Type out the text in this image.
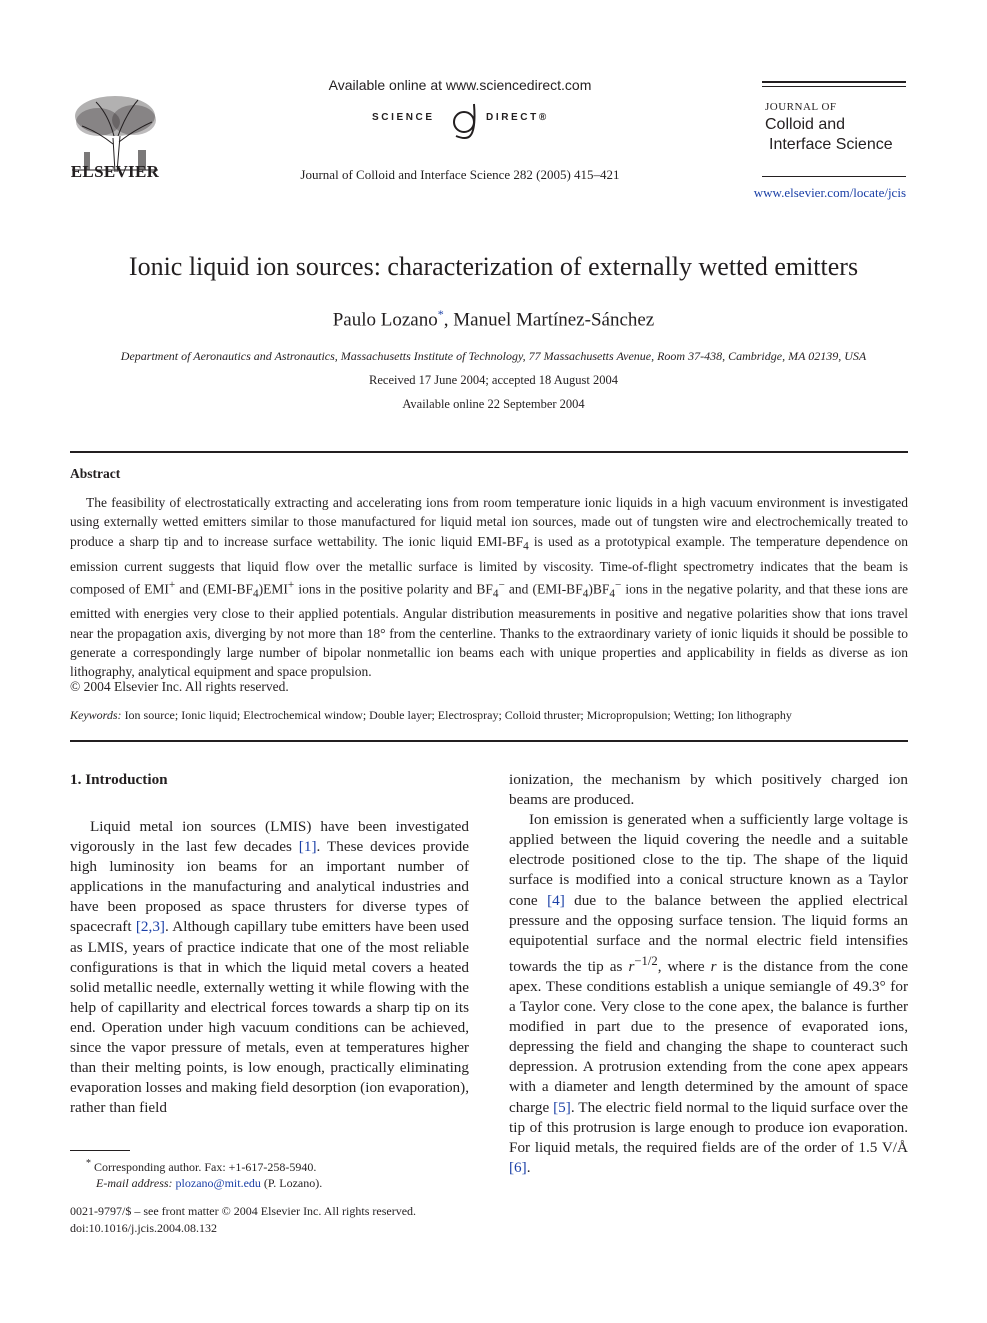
ELSEVIER
Available online at www.sciencedirect.com
SCIENCE	DIRECT®
Journal of Colloid and Interface Science 282 (2005) 415–421
JOURNAL OF
Colloid and
Interface Science
www.elsevier.com/locate/jcis
Ionic liquid ion sources: characterization of externally wetted emitters
Paulo Lozano*, Manuel Martínez-Sánchez
Department of Aeronautics and Astronautics, Massachusetts Institute of Technology, 77 Massachusetts Avenue, Room 37-438, Cambridge, MA 02139, USA
Received 17 June 2004; accepted 18 August 2004
Available online 22 September 2004
Abstract

The feasibility of electrostatically extracting and accelerating ions from room temperature ionic liquids in a high vacuum environment is investigated using externally wetted emitters similar to those manufactured for liquid metal ion sources, made out of tungsten wire and electrochemically treated to produce a sharp tip and to increase surface wettability. The ionic liquid EMI-$BF_4$ is used as a prototypical example. The temperature dependence on emission current suggests that liquid flow over the metallic surface is limited by viscosity. Time-of-flight spectrometry indicates that the beam is composed of EMI+ and $(EMI-BF_4)EMI^+$ ions in the positive polarity and $BF_4^-$ and $(EMI-BF_4)BF_4^-$ ions in the negative polarity, and that these ions are emitted with energies very close to their applied potentials. Angular distribution measurements in positive and negative polarities show that ions travel near the propagation axis, diverging by not more than 18° from the centerline. Thanks to the extraordinary variety of ionic liquids it should be possible to generate a correspondingly large number of bipolar nonmetallic ion beams each with unique properties and applicability in fields as diverse as ion lithography, analytical equipment and space propulsion.

© 2004 Elsevier Inc. All rights reserved.
Keywords: Ion source; Ionic liquid; Electrochemical window; Double layer; Electrospray; Colloid thruster; Micropropulsion; Wetting; Ion lithography
1. Introduction

Liquid metal ion sources (LMIS) have been investigated vigorously in the last few decades [1]. These devices provide high luminosity ion beams for an important number of applications in the manufacturing and analytical industries and have been proposed as space thrusters for diverse types of spacecraft [2,3]. Although capillary tube emitters have been used as LMIS, years of practice indicate that one of the most reliable configurations is that in which the liquid metal covers a heated solid metallic needle, externally wetting it while flowing with the help of capillarity and electrical forces towards a sharp tip on its end. Operation under high vacuum conditions can be achieved, since the vapor pressure of metals, even at temperatures higher than their melting points, is low enough, practically eliminating evaporation losses and making field desorption (ion evaporation), rather than field

ionization, the mechanism by which positively charged ion beams are produced.

Ion emission is generated when a sufficiently large voltage is applied between the liquid covering the needle and a suitable electrode positioned close to the tip. The shape of the liquid surface is modified into a conical structure known as a Taylor cone [4] due to the balance between the applied electrical pressure and the opposing surface tension. The liquid forms an equipotential surface and the normal electric field intensifies towards the tip as $r^{-1/2}$, where r is the distance from the cone apex. These conditions establish a unique semiangle of 49.3° for a Taylor cone. Very close to the cone apex, the balance is further modified in part due to the presence of evaporated ions, depressing the field and changing the shape to counteract such depression. A protrusion extending from the cone apex appears with a diameter and length determined by the amount of space charge [5]. The electric field normal to the liquid surface over the tip of this protrusion is large enough to produce ion evaporation. For liquid metals, the required fields are of the order of 1.5 V/Å [6].

* Corresponding author. Fax: +1-617-258-5940.
E-mail address: plozano@mit.edu (P. Lozano).
0021-9797/$ – see front matter © 2004 Elsevier Inc. All rights reserved.
doi:10.1016/j.jcis.2004.08.132
